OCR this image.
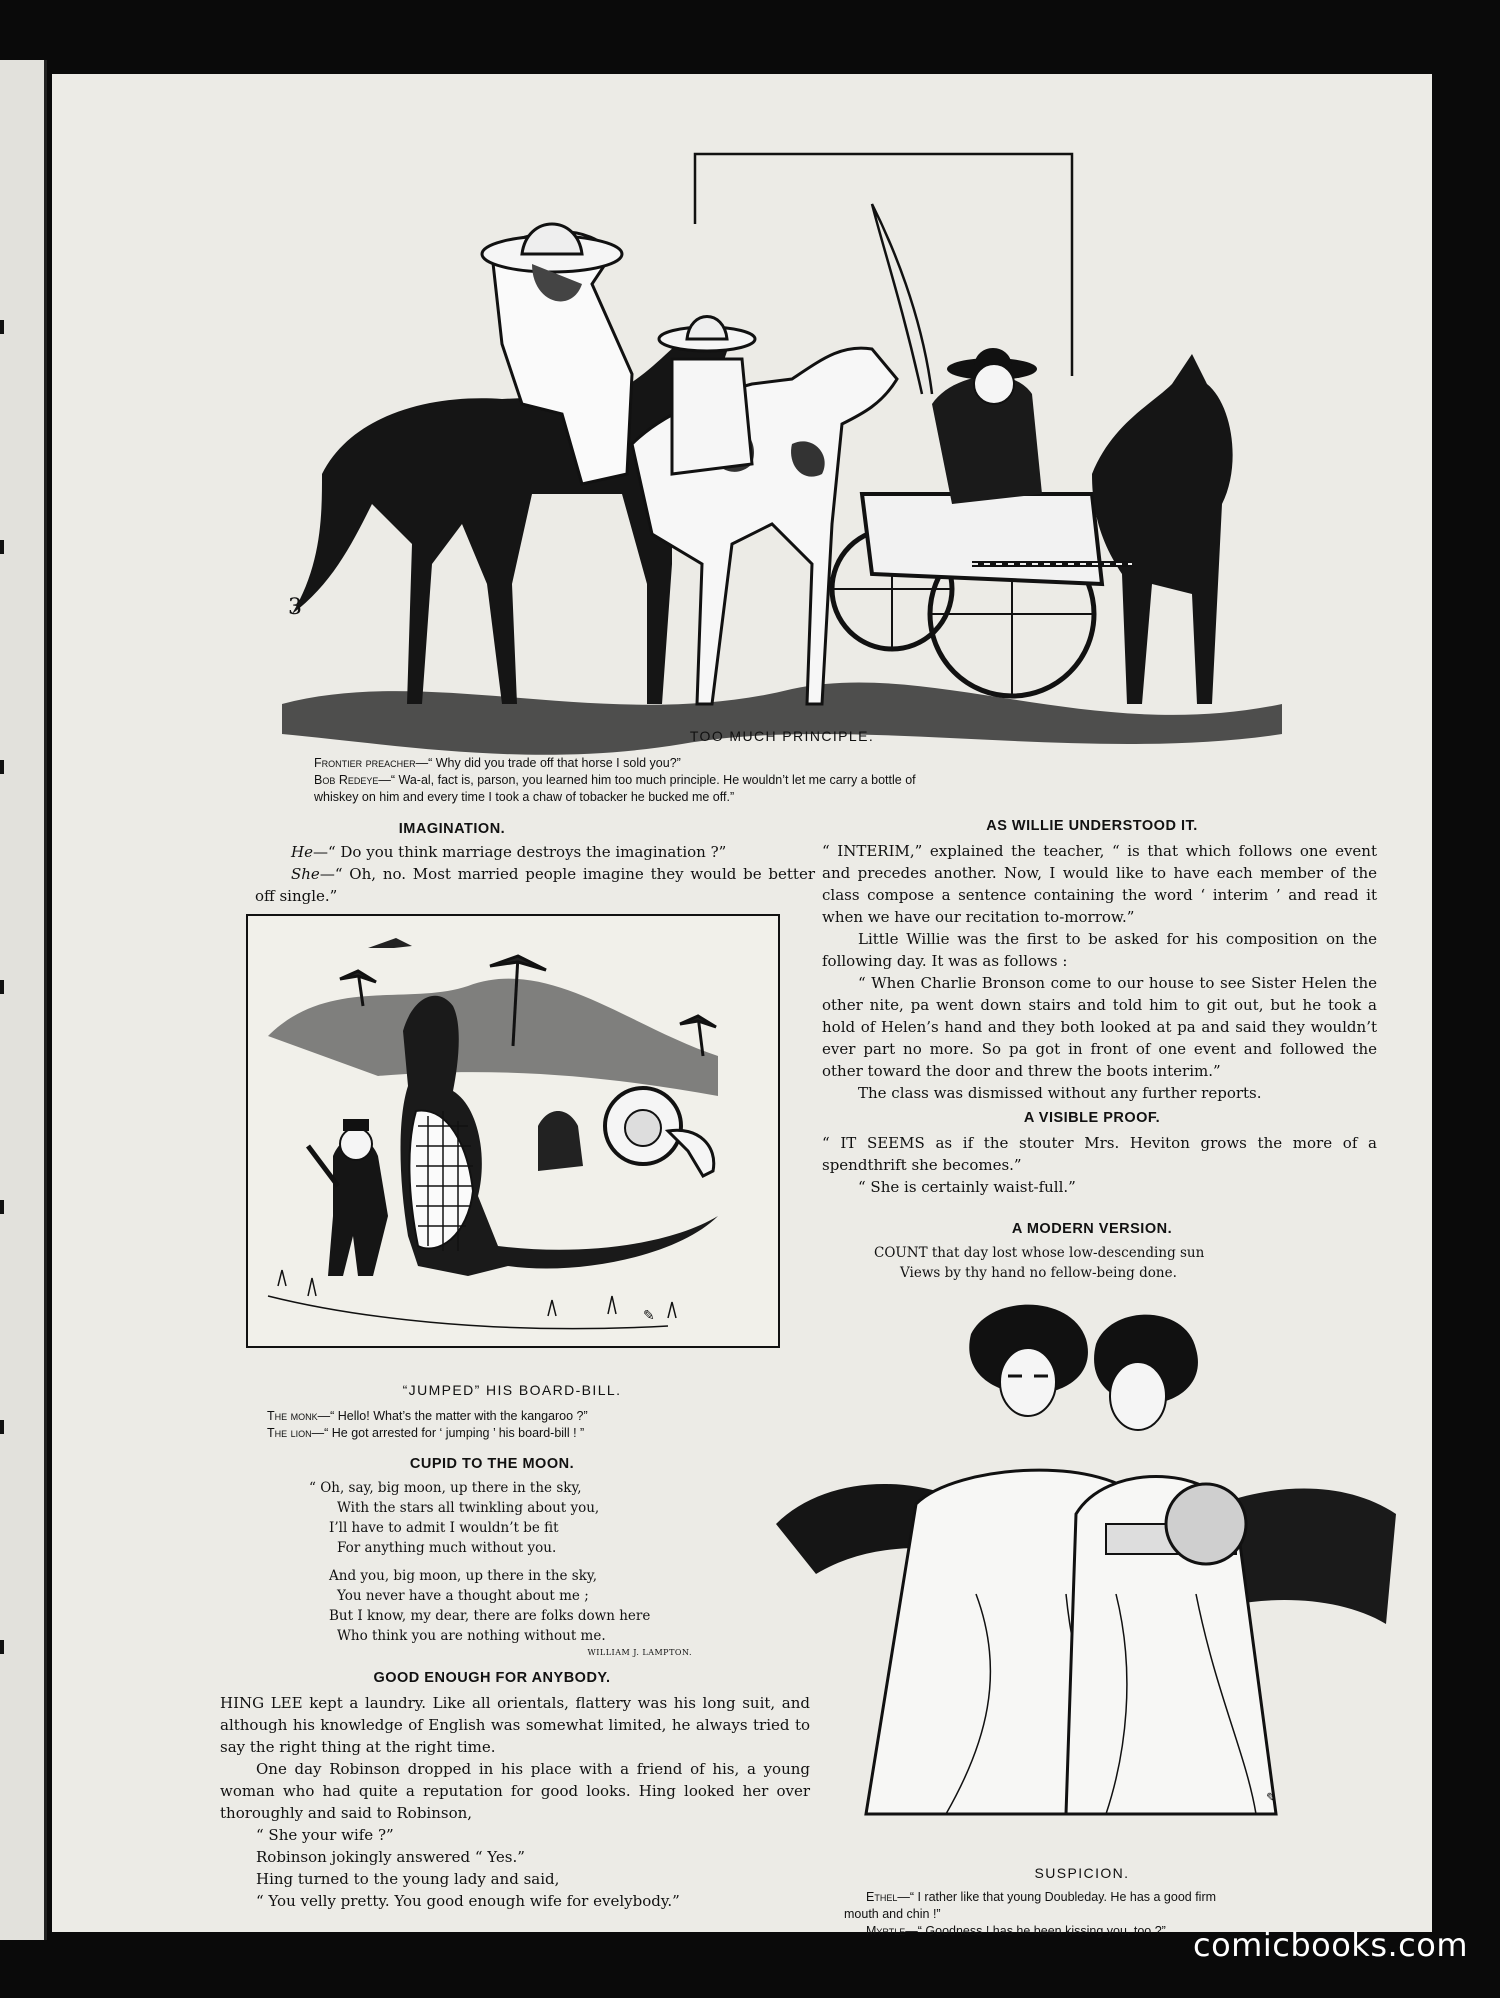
3
TOO MUCH PRINCIPLE.
Frontier preacher—“ Why did you trade off that horse I sold you?”
Bob Redeye—“ Wa-al, fact is, parson, you learned him too much principle. He wouldn’t let me carry a bottle of
whiskey on him and every time I took a chaw of tobacker he bucked me off.”
IMAGINATION.

He—“ Do you think marriage destroys the imagination ?”

She—“ Oh, no. Most married people imagine they would be better off single.”

✎
“JUMPED” HIS BOARD-BILL.
The monk—“ Hello! What’s the matter with the kangaroo ?”
The lion—“ He got arrested for ‘ jumping ’ his board-bill ! ”
CUPID TO THE MOON.
“ Oh, say, big moon, up there in the sky,
With the stars all twinkling about you,
I’ll have to admit I wouldn’t be fit
For anything much without you.
And you, big moon, up there in the sky,
You never have a thought about me ;
But I know, my dear, there are folks down here
Who think you are nothing without me.
WILLIAM J. LAMPTON.
GOOD ENOUGH FOR ANYBODY.

HING LEE kept a laundry. Like all orientals, flattery was his long suit, and although his knowledge of English was somewhat limited, he always tried to say the right thing at the right time.

One day Robinson dropped in his place with a friend of his, a young woman who had quite a reputation for good looks. Hing looked her over thoroughly and said to Robinson,

“ She your wife ?”

Robinson jokingly answered “ Yes.”

Hing turned to the young lady and said,

“ You velly pretty. You good enough wife for evelybody.”

AS WILLIE UNDERSTOOD IT.

“ INTERIM,” explained the teacher, “ is that which follows one event and precedes another. Now, I would like to have each member of the class compose a sentence containing the word ‘ interim ’ and read it when we have our recitation to-morrow.”

Little Willie was the first to be asked for his composition on the following day. It was as follows :

“ When Charlie Bronson come to our house to see Sister Helen the other nite, pa went down stairs and told him to git out, but he took a hold of Helen’s hand and they both looked at pa and said they wouldn’t ever part no more. So pa got in front of one event and followed the other toward the door and threw the boots interim.”

The class was dismissed without any further reports.

A VISIBLE PROOF.

“ IT SEEMS as if the stouter Mrs. Heviton grows the more of a spendthrift she becomes.”

“ She is certainly waist-full.”

A MODERN VERSION.
COUNT that day lost whose low-descending sun
Views by thy hand no fellow-being done.
✎
SUSPICION.
Ethel—“ I rather like that young Doubleday. He has a good firm
mouth and chin !”
Myrtle—“ Goodness ! has he been kissing you, too ?” comicbooks.com
